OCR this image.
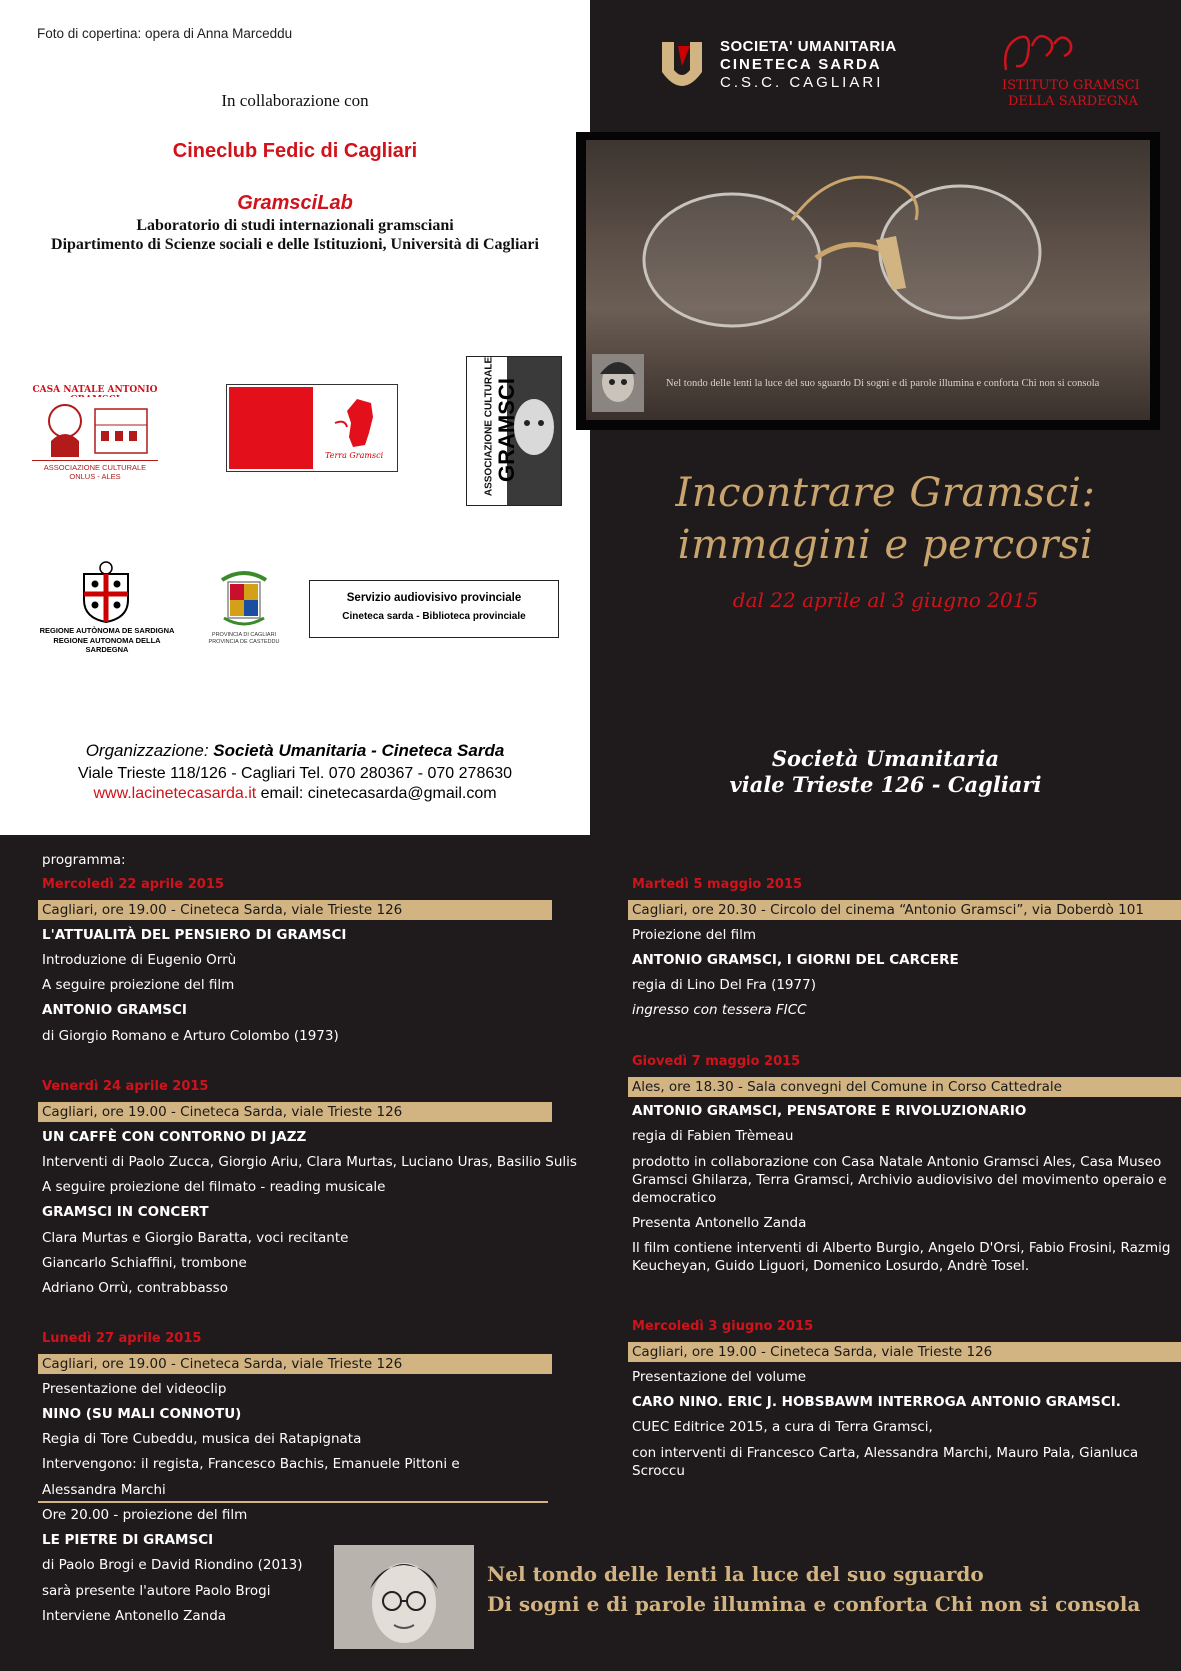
Foto di copertina: opera di Anna Marceddu
In collaborazione con
Cineclub Fedic di Cagliari
GramsciLab
Laboratorio di studi internazionali gramsciani
Dipartimento di Scienze sociali e delle Istituzioni, Università di Cagliari
CASA NATALE ANTONIO
ASSOCIAZIONE CULTURALE ONLUS - ALES
Terra Gramsci	ASSOCIAZIONE CULTURALE GRAMSCI
REGIONE AUTÒNOMA DE SARDIGNA
REGIONE AUTONOMA DELLA SARDEGNA
PROVINCIA DI CAGLIARI
PROVINCIA DE CASTEDDU
Servizio audiovisivo provinciale
Cineteca sarda - Biblioteca provinciale
Organizzazione: Società Umanitaria - Cineteca Sarda
Viale Trieste 118/126 - Cagliari Tel. 070 280367 - 070 278630
www.lacinetecasarda.it email: cinetecasarda@gmail.com
SOCIETA' UMANITARIA
CINETECA SARDA
C.S.C. CAGLIARI	ISTITUTO GRAMSCI
DELLA SARDEGNA
Nel tondo delle lenti la luce del suo sguardo Di sogni e di parole illumina e conforta Chi non si consola
Incontrare Gramsci:
immagini e percorsi
dal 22 aprile al 3 giugno 2015
Società Umanitaria
viale Trieste 126 - Cagliari
programma:
Mercoledì 22 aprile 2015
Cagliari, ore 19.00 - Cineteca Sarda, viale Trieste 126
L'ATTUALITÀ DEL PENSIERO DI GRAMSCI
Introduzione di Eugenio Orrù
A seguire proiezione del film
ANTONIO GRAMSCI
di Giorgio Romano e Arturo Colombo (1973)
Venerdì 24 aprile 2015
Cagliari, ore 19.00 - Cineteca Sarda, viale Trieste 126
UN CAFFÈ CON CONTORNO DI JAZZ
Interventi di Paolo Zucca, Giorgio Ariu, Clara Murtas, Luciano Uras, Basilio Sulis
A seguire proiezione del filmato - reading musicale
GRAMSCI IN CONCERT
Clara Murtas e Giorgio Baratta, voci recitante
Giancarlo Schiaffini, trombone
Adriano Orrù, contrabbasso
Lunedì 27 aprile 2015
Cagliari, ore 19.00 - Cineteca Sarda, viale Trieste 126
Presentazione del videoclip
NINO (SU MALI CONNOTU)
Regia di Tore Cubeddu, musica dei Ratapignata
Intervengono: il regista, Francesco Bachis, Emanuele Pittoni e
Alessandra Marchi
Ore 20.00 - proiezione del film
LE PIETRE DI GRAMSCI
di Paolo Brogi e David Riondino (2013)
sarà presente l'autore Paolo Brogi
Interviene Antonello Zanda
Martedì 5 maggio 2015
Cagliari, ore 20.30 - Circolo del cinema “Antonio Gramsci”, via Doberdò 101
Proiezione del film
ANTONIO GRAMSCI, I GIORNI DEL CARCERE
regia di Lino Del Fra (1977)
ingresso con tessera FICC
Giovedì 7 maggio 2015
Ales, ore 18.30 - Sala convegni del Comune in Corso Cattedrale
ANTONIO GRAMSCI, PENSATORE E RIVOLUZIONARIO
regia di Fabien Trèmeau
prodotto in collaborazione con Casa Natale Antonio Gramsci Ales, Casa Museo
Gramsci Ghilarza, Terra Gramsci, Archivio audiovisivo del movimento operaio e
democratico
Presenta Antonello Zanda
Il film contiene interventi di Alberto Burgio, Angelo D'Orsi, Fabio Frosini, Razmig
Keucheyan, Guido Liguori, Domenico Losurdo, Andrè Tosel.
Mercoledì 3 giugno 2015
Cagliari, ore 19.00 - Cineteca Sarda, viale Trieste 126
Presentazione del volume
CARO NINO. ERIC J. HOBSBAWM INTERROGA ANTONIO GRAMSCI.
CUEC Editrice 2015, a cura di Terra Gramsci,
con interventi di Francesco Carta, Alessandra Marchi, Mauro Pala, Gianluca
Scroccu
Nel tondo delle lenti la luce del suo sguardo
Di sogni e di parole illumina e conforta Chi non si consola
